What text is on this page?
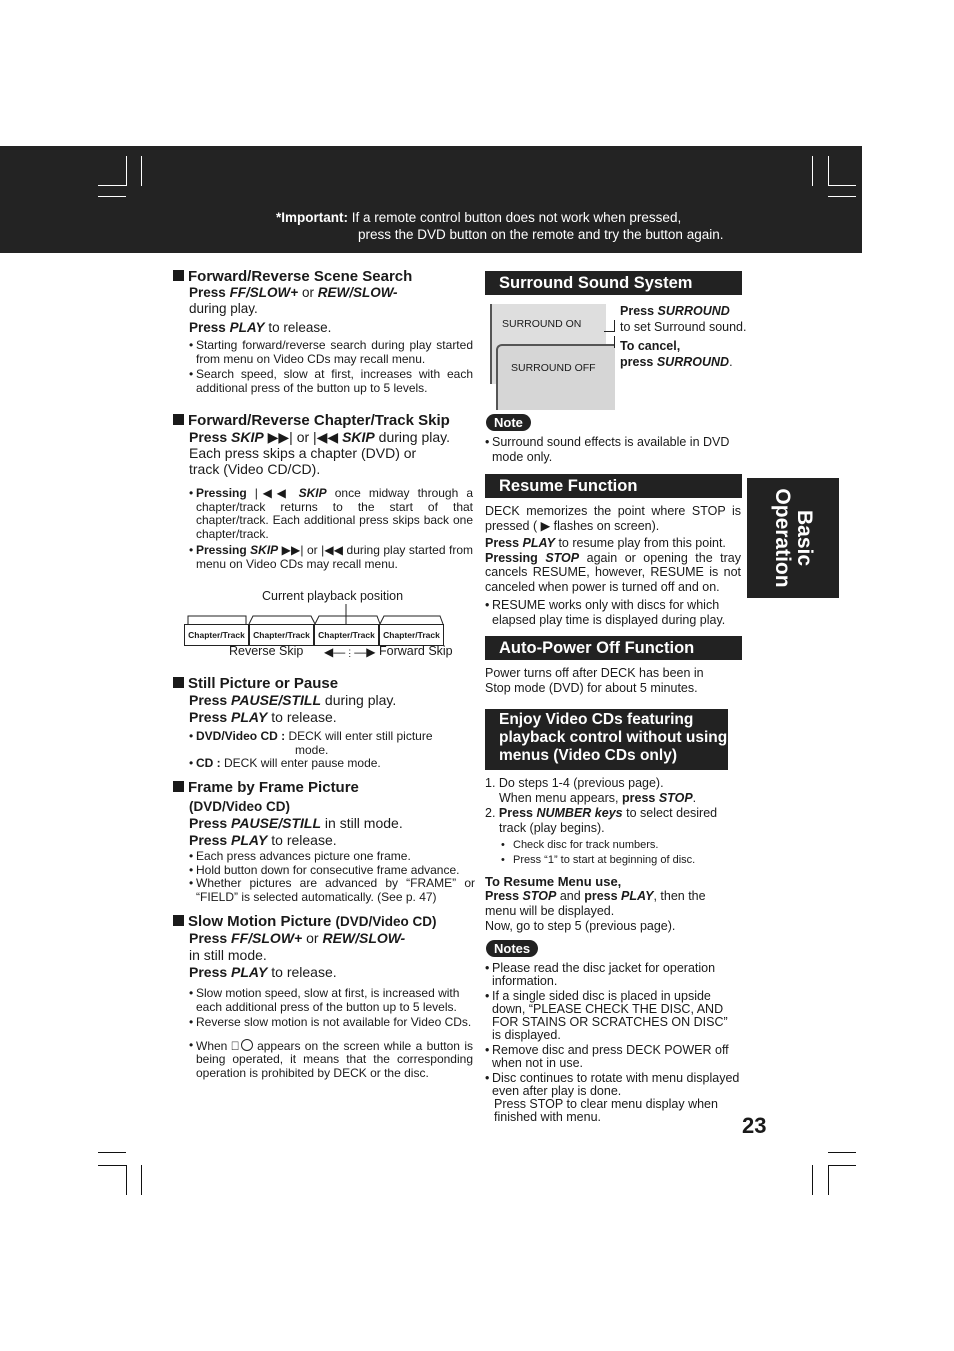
*Important: If a remote control button does not work when pressed,
press the DVD button on the remote and try the button again.
Basic
Operation
23
Forward/Reverse Scene Search
Press FF/SLOW+ or REW/SLOW-
during play.
Press PLAY to release.
• Starting forward/reverse search during play started from menu on Video CDs may recall menu.
• Search speed, slow at first, increases with each additional press of the button up to 5 levels.
Forward/Reverse Chapter/Track Skip
Press SKIP ▶▶| or |◀◀ SKIP during play.
Each press skips a chapter (DVD) or
track (Video CD/CD).
• Pressing |◀◀ SKIP once midway through a chapter/track returns to the start of that chapter/track. Each additional press skips back one chapter/track.
• Pressing SKIP ▶▶| or |◀◀ during play started from menu on Video CDs may recall menu.
Current playback position
Chapter/Track Chapter/Track Chapter/Track Chapter/Track
Reverse Skip ◀—⋮—▶ Forward Skip
Still Picture or Pause
Press PAUSE/STILL during play.
Press PLAY to release.
• DVD/Video CD : DECK will enter still picture
mode.
• CD : DECK will enter pause mode.
Frame by Frame Picture
(DVD/Video CD)
Press PAUSE/STILL in still mode.
Press PLAY to release.
• Each press advances picture one frame.
• Hold button down for consecutive frame advance.
• Whether pictures are advanced by “FRAME” or “FIELD” is selected automatically. (See p. 47)
Slow Motion Picture (DVD/Video CD)
Press FF/SLOW+ or REW/SLOW-
in still mode.
Press PLAY to release.
• Slow motion speed, slow at first, is increased with each additional press of the button up to 5 levels.
• Reverse slow motion is not available for Video CDs.
• When appears on the screen while a button is being operated, it means that the corresponding operation is prohibited by DECK or the disc.
Surround Sound System
SURROUND ON
SURROUND OFF
Press SURROUND
to set Surround sound.
To cancel,
press SURROUND.
Note
• Surround sound effects is available in DVD mode only.
Resume Function
DECK memorizes the point where STOP is pressed ( ▶ flashes on screen).
Press PLAY to resume play from this point.
Pressing STOP again or opening the tray cancels RESUME, however, RESUME is not canceled when power is turned off and on.
• RESUME works only with discs for which elapsed play time is displayed during play.
Auto-Power Off Function
Power turns off after DECK has been in Stop mode (DVD) for about 5 minutes.
Enjoy Video CDs featuring
playback control without using
menus (Video CDs only)
1. Do steps 1-4 (previous page).
When menu appears, press STOP.
2. Press NUMBER keys to select desired
track (play begins).
• Check disc for track numbers.
• Press “1” to start at beginning of disc.
To Resume Menu use,
Press STOP and press PLAY, then the
menu will be displayed.
Now, go to step 5 (previous page).
Notes
• Please read the disc jacket for operation information.
• If a single sided disc is placed in upside down, “PLEASE CHECK THE DISC, AND FOR STAINS OR SCRATCHES ON DISC” is displayed.
• Remove disc and press DECK POWER off when not in use.
• Disc continues to rotate with menu displayed even after play is done.
Press STOP to clear menu display when finished with menu.
